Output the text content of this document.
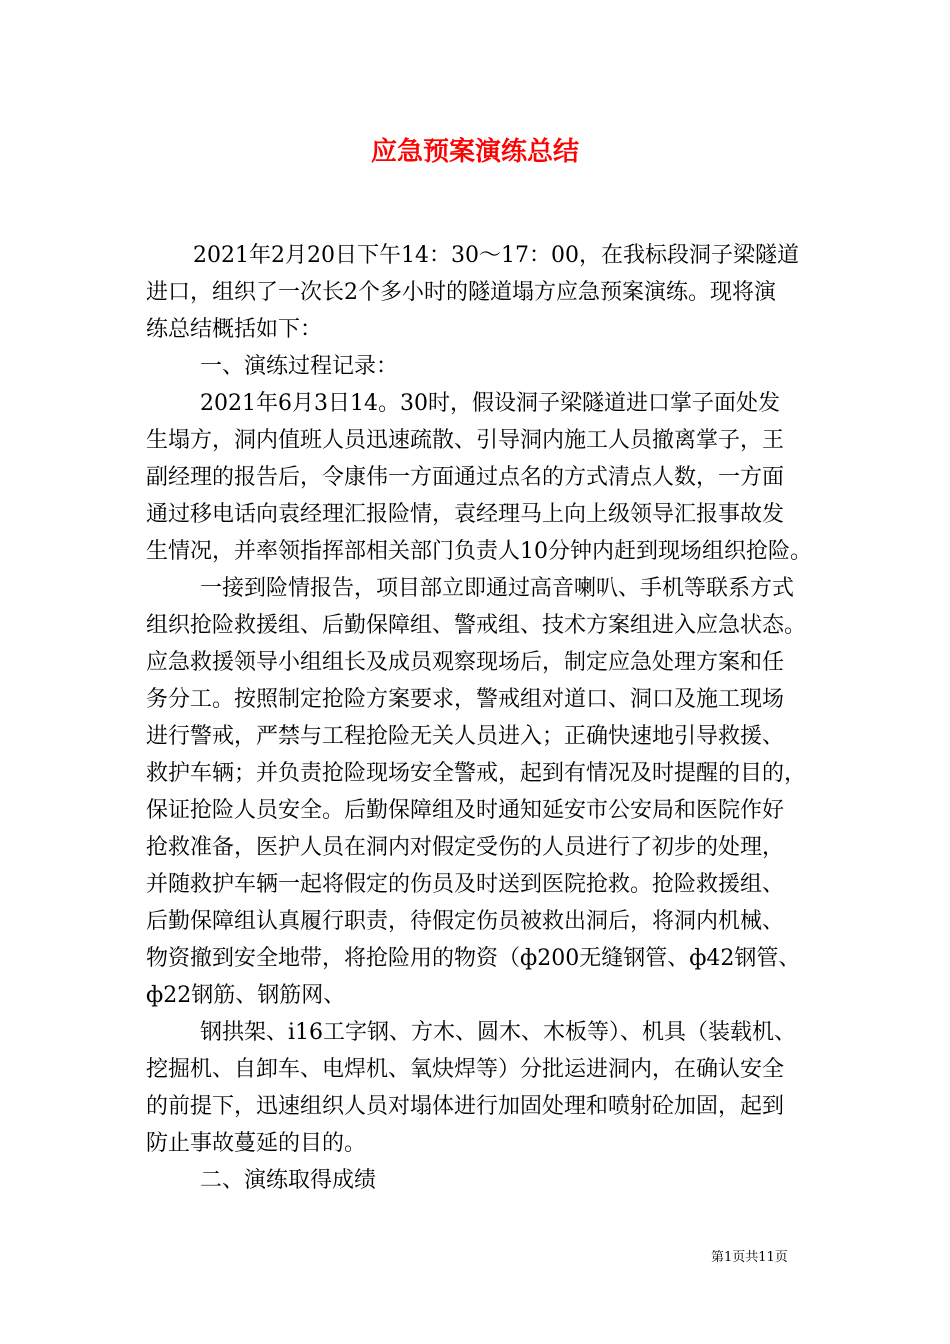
应急预案演练总结
2021年2月20日下午14：30～17：00，在我标段洞子梁隧道
进口，组织了一次长2个多小时的隧道塌方应急预案演练。现将演
练总结概括如下：
一、演练过程记录：
2021年6月3日14。30时，假设洞子梁隧道进口掌子面处发
生塌方，洞内值班人员迅速疏散、引导洞内施工人员撤离掌子，王
副经理的报告后，令康伟一方面通过点名的方式清点人数，一方面
通过移电话向袁经理汇报险情，袁经理马上向上级领导汇报事故发
生情况，并率领指挥部相关部门负责人10分钟内赶到现场组织抢险。
一接到险情报告，项目部立即通过高音喇叭、手机等联系方式
组织抢险救援组、后勤保障组、警戒组、技术方案组进入应急状态。
应急救援领导小组组长及成员观察现场后，制定应急处理方案和任
务分工。按照制定抢险方案要求，警戒组对道口、洞口及施工现场
进行警戒，严禁与工程抢险无关人员进入；正确快速地引导救援、
救护车辆；并负责抢险现场安全警戒，起到有情况及时提醒的目的，
保证抢险人员安全。后勤保障组及时通知延安市公安局和医院作好
抢救准备，医护人员在洞内对假定受伤的人员进行了初步的处理，
并随救护车辆一起将假定的伤员及时送到医院抢救。抢险救援组、
后勤保障组认真履行职责，待假定伤员被救出洞后，将洞内机械、
物资撤到安全地带，将抢险用的物资（ф200无缝钢管、ф42钢管、
ф22钢筋、钢筋网、
钢拱架、i16工字钢、方木、圆木、木板等）、机具（装载机、
挖掘机、自卸车、电焊机、氧炔焊等）分批运进洞内，在确认安全
的前提下，迅速组织人员对塌体进行加固处理和喷射砼加固，起到
防止事故蔓延的目的。
二、演练取得成绩
第1页共11页
